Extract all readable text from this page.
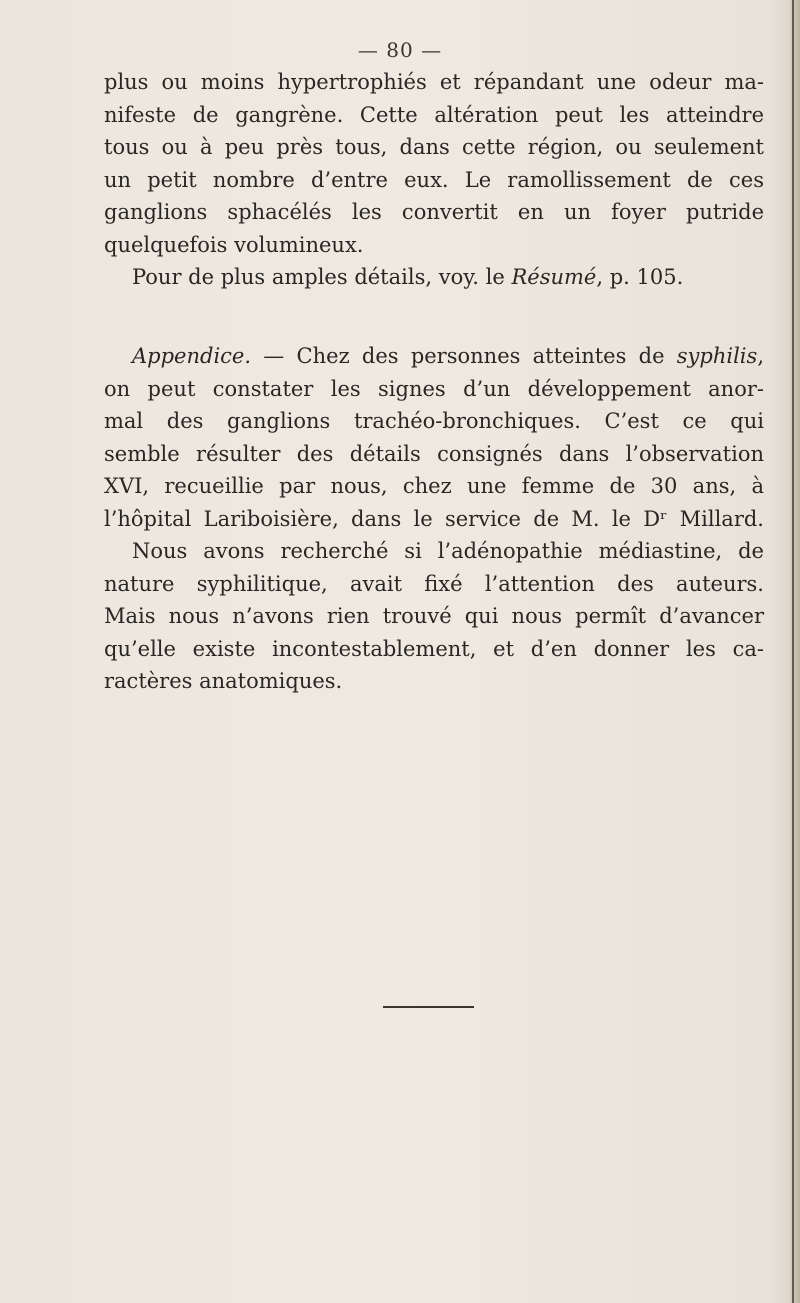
— 80 —
plus ou moins hypertrophiés et répandant une odeur ma-
nifeste de gangrène. Cette altération peut les atteindre
tous ou à peu près tous, dans cette région, ou seulement
un petit nombre d’entre eux. Le ramollissement de ces
ganglions sphacélés les convertit en un foyer putride
quelquefois volumineux.
Pour de plus amples détails, voy. le Résumé, p. 105.
Appendice. — Chez des personnes atteintes de syphilis,
on peut constater les signes d’un développement anor-
mal des ganglions trachéo-bronchiques. C’est ce qui
semble résulter des détails consignés dans l’observation
XVI, recueillie par nous, chez une femme de 30 ans, à
l’hôpital Lariboisière, dans le service de M. le Dʳ Millard.
Nous avons recherché si l’adénopathie médiastine, de
nature syphilitique, avait fixé l’attention des auteurs.
Mais nous n’avons rien trouvé qui nous permît d’avancer
qu’elle existe incontestablement, et d’en donner les ca-
ractères anatomiques.
